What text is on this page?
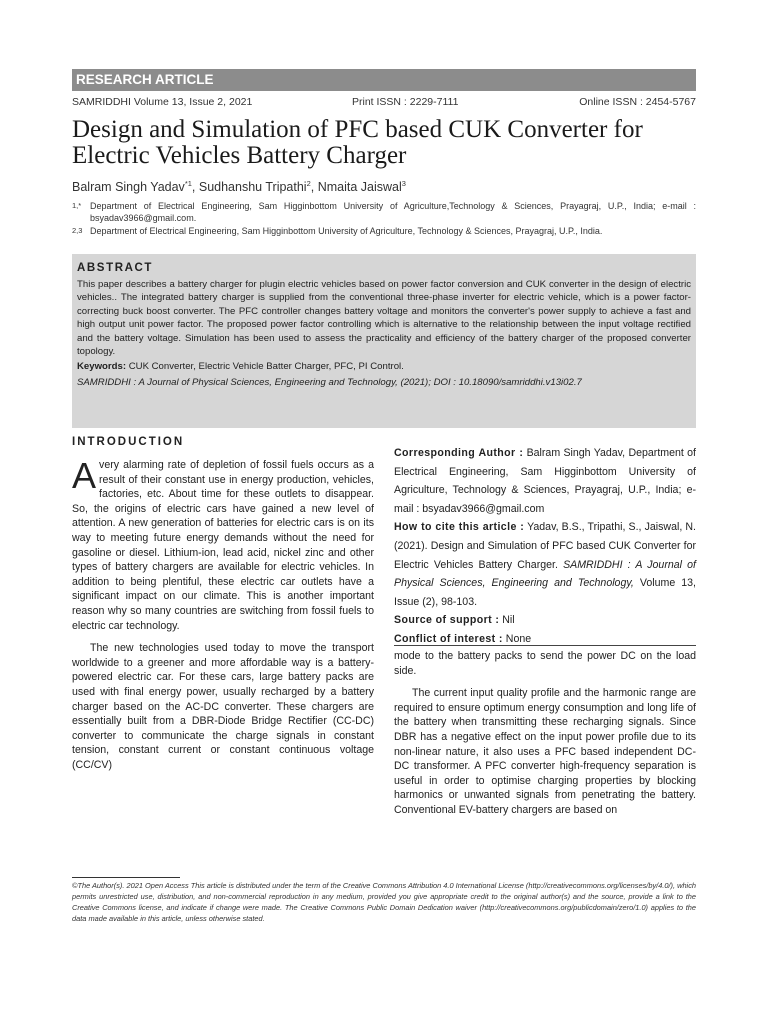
RESEARCH ARTICLE
SAMRIDDHI Volume 13, Issue 2, 2021	Print ISSN : 2229-7111	Online ISSN : 2454-5767
Design and Simulation of PFC based CUK Converter for Electric Vehicles Battery Charger
Balram Singh Yadav$^{*1}$, Sudhanshu Tripathi$^2$, Nmaita Jaiswal$^3$
1,* Department of Electrical Engineering, Sam Higginbottom University of Agriculture,Technology & Sciences, Prayagraj, U.P., India; e-mail : bsyadav3966@gmail.com.
2,3 Department of Electrical Engineering, Sam Higginbottom University of Agriculture, Technology & Sciences, Prayagraj, U.P., India.
ABSTRACT

This paper describes a battery charger for plugin electric vehicles based on power factor conversion and CUK converter in the design of electric vehicles.. The integrated battery charger is supplied from the conventional three-phase inverter for electric vehicle, which is a power factor-correcting buck boost converter. The PFC controller changes battery voltage and monitors the converter's power supply to achieve a fast and high output unit power factor. The proposed power factor controlling which is alternative to the relationship between the input voltage rectified and the battery voltage. Simulation has been used to assess the practicality and efficiency of the battery charger of the proposed converter topology.

Keywords: CUK Converter, Electric Vehicle Batter Charger, PFC, PI Control.

SAMRIDDHI : A Journal of Physical Sciences, Engineering and Technology, (2021); DOI : 10.18090/samriddhi.v13i02.7

INTRODUCTION

A very alarming rate of depletion of fossil fuels occurs as a result of their constant use in energy production, vehicles, factories, etc. About time for these outlets to disappear. So, the origins of electric cars have gained a new level of attention. A new generation of batteries for electric cars is on its way to meeting future energy demands without the need for gasoline or diesel. Lithium-ion, lead acid, nickel zinc and other types of battery chargers are available for electric vehicles. In addition to being plentiful, these electric car outlets have a significant impact on our climate. This is another important reason why so many countries are switching from fossil fuels to electric car technology.

The new technologies used today to move the transport worldwide to a greener and more affordable way is a battery-powered electric car. For these cars, large battery packs are used with final energy power, usually recharged by a battery charger based on the AC-DC converter. These chargers are essentially built from a DBR-Diode Bridge Rectifier (CC-DC) converter to communicate the charge signals in constant tension, constant current or constant continuous voltage (CC/CV)

Corresponding Author : Balram Singh Yadav, Department of Electrical Engineering, Sam Higginbottom University of Agriculture, Technology & Sciences, Prayagraj, U.P., India; e-mail : bsyadav3966@gmail.com

How to cite this article : Yadav, B.S., Tripathi, S., Jaiswal, N. (2021). Design and Simulation of PFC based CUK Converter for Electric Vehicles Battery Charger. SAMRIDDHI : A Journal of Physical Sciences, Engineering and Technology, Volume 13, Issue (2), 98-103.

Source of support : Nil

Conflict of interest : None

mode to the battery packs to send the power DC on the load side.

The current input quality profile and the harmonic range are required to ensure optimum energy consumption and long life of the battery when transmitting these recharging signals. Since DBR has a negative effect on the input power profile due to its non-linear nature, it also uses a PFC based independent DC-DC transformer. A PFC converter high-frequency separation is useful in order to optimise charging properties by blocking harmonics or unwanted signals from penetrating the battery. Conventional EV-battery chargers are based on

©The Author(s). 2021 Open Access This article is distributed under the term of the Creative Commons Attribution 4.0 International License (http://creativecommons.org/licenses/by/4.0/), which permits unrestricted use, distribution, and non-commercial reproduction in any medium, provided you give appropriate credit to the original author(s) and the source, provide a link to the Creative Commons license, and indicate if change were made. The Creative Commons Public Domain Dedication waiver (http://creativecommons.org/publicdomain/zero/1.0) applies to the data made available in this article, unless otherwise stated.
